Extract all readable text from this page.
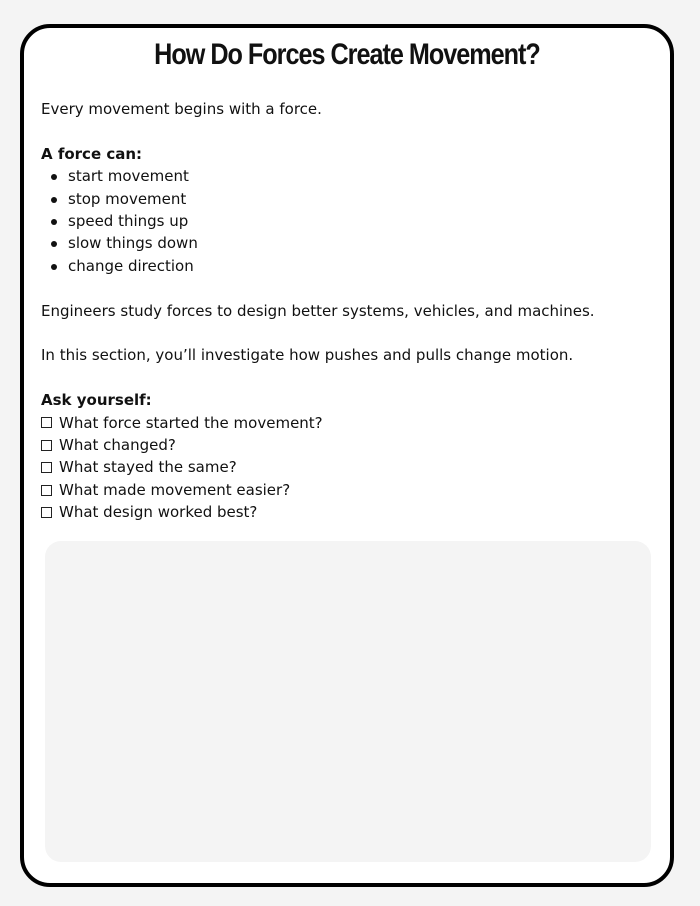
How Do Forces Create Movement?

Every movement begins with a force.

A force can:

start movement
stop movement
speed things up
slow things down
change direction

Engineers study forces to design better systems, vehicles, and machines.

In this section, you’ll investigate how pushes and pulls change motion.

Ask yourself:

What force started the movement?
What changed?
What stayed the same?
What made movement easier?
What design worked best?
